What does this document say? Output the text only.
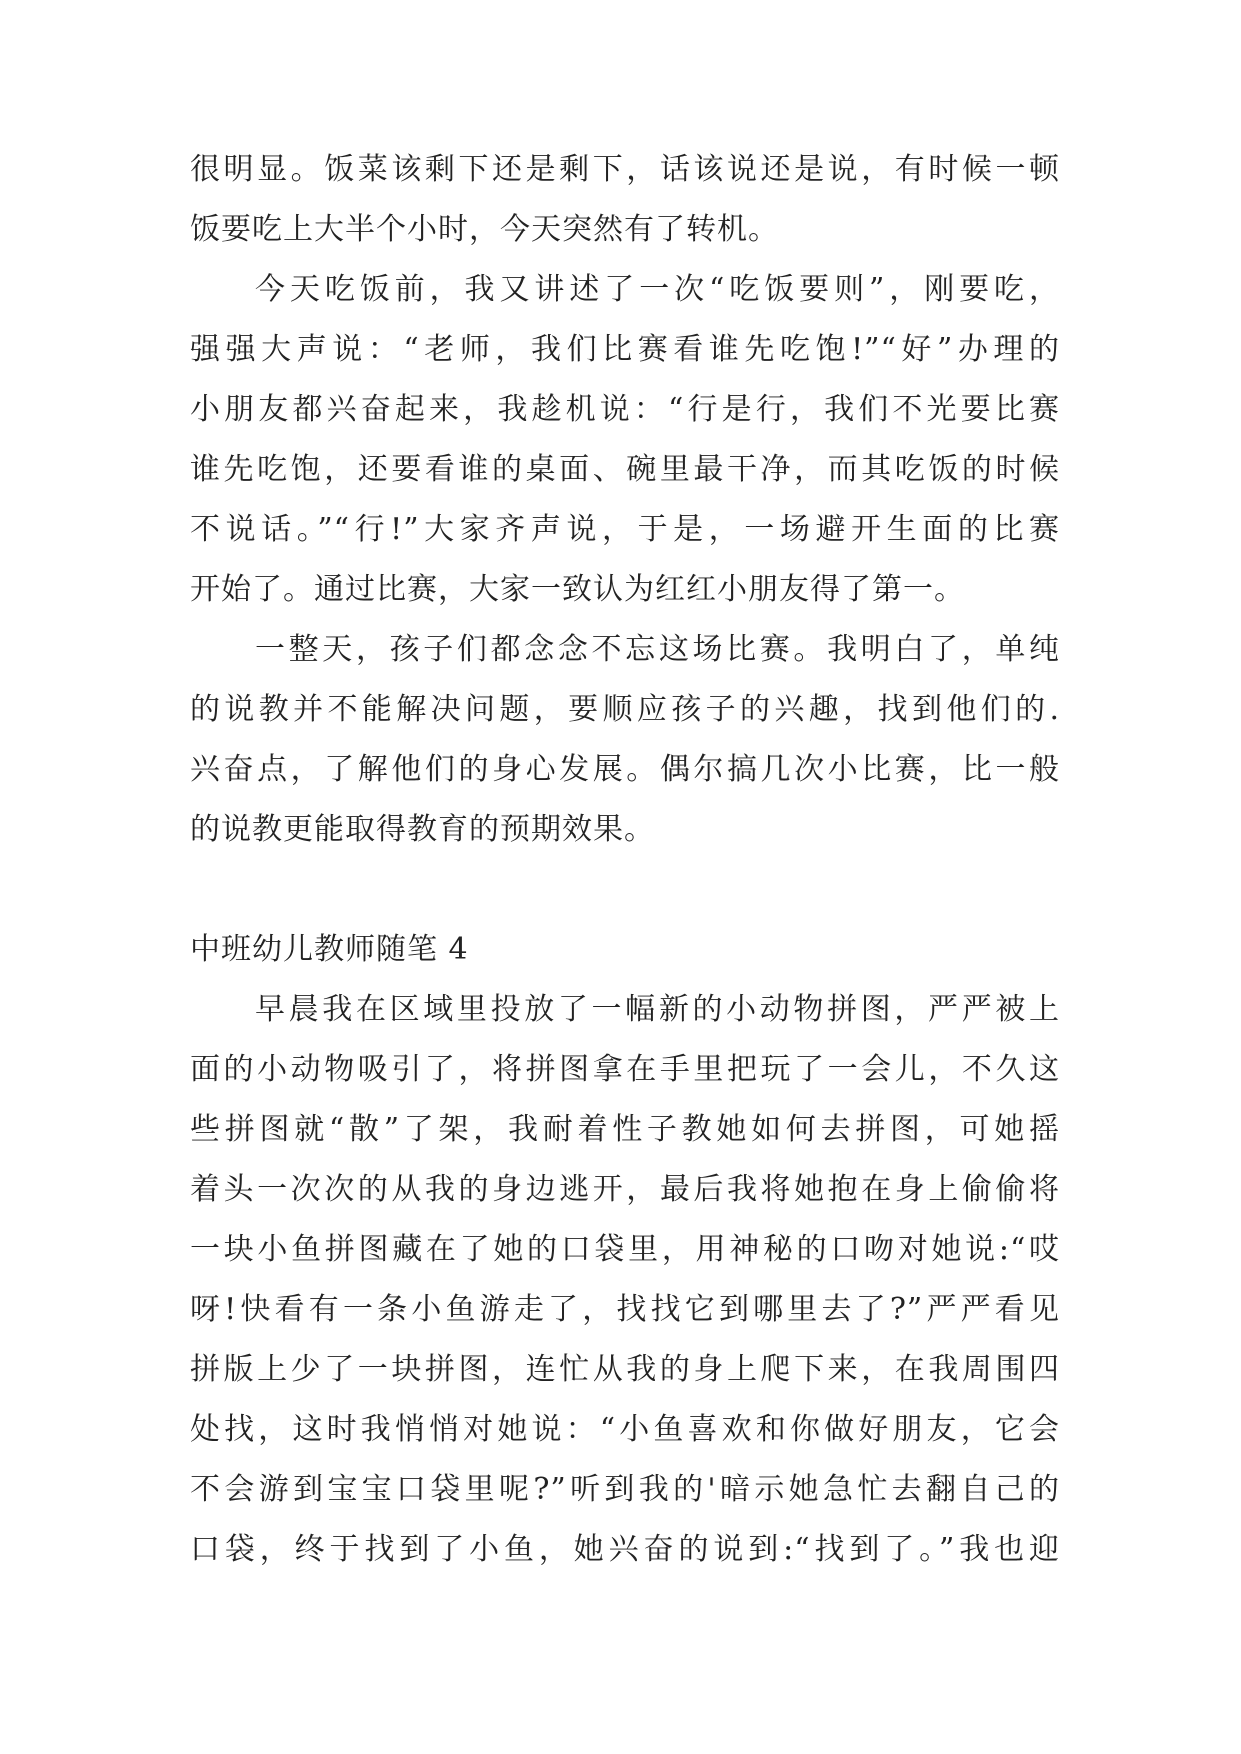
很明显。饭菜该剩下还是剩下，话该说还是说，有时候一顿
饭要吃上大半个小时，今天突然有了转机。
今天吃饭前，我又讲述了一次“吃饭要则”，刚要吃，
强强大声说：“老师，我们比赛看谁先吃饱!”“好”办理的
小朋友都兴奋起来，我趁机说：“行是行，我们不光要比赛
谁先吃饱，还要看谁的桌面、碗里最干净，而其吃饭的时候
不说话。”“行!”大家齐声说，于是，一场避开生面的比赛
开始了。通过比赛，大家一致认为红红小朋友得了第一。
一整天，孩子们都念念不忘这场比赛。我明白了，单纯
的说教并不能解决问题，要顺应孩子的兴趣，找到他们的.
兴奋点，了解他们的身心发展。偶尔搞几次小比赛，比一般
的说教更能取得教育的预期效果。
中班幼儿教师随笔 4
早晨我在区域里投放了一幅新的小动物拼图，严严被上
面的小动物吸引了，将拼图拿在手里把玩了一会儿，不久这
些拼图就“散”了架，我耐着性子教她如何去拼图，可她摇
着头一次次的从我的身边逃开，最后我将她抱在身上偷偷将
一块小鱼拼图藏在了她的口袋里，用神秘的口吻对她说:“哎
呀!快看有一条小鱼游走了，找找它到哪里去了?”严严看见
拼版上少了一块拼图，连忙从我的身上爬下来，在我周围四
处找，这时我悄悄对她说：“小鱼喜欢和你做好朋友，它会
不会游到宝宝口袋里呢?”听到我的'暗示她急忙去翻自己的
口袋，终于找到了小鱼，她兴奋的说到:“找到了。”我也迎
